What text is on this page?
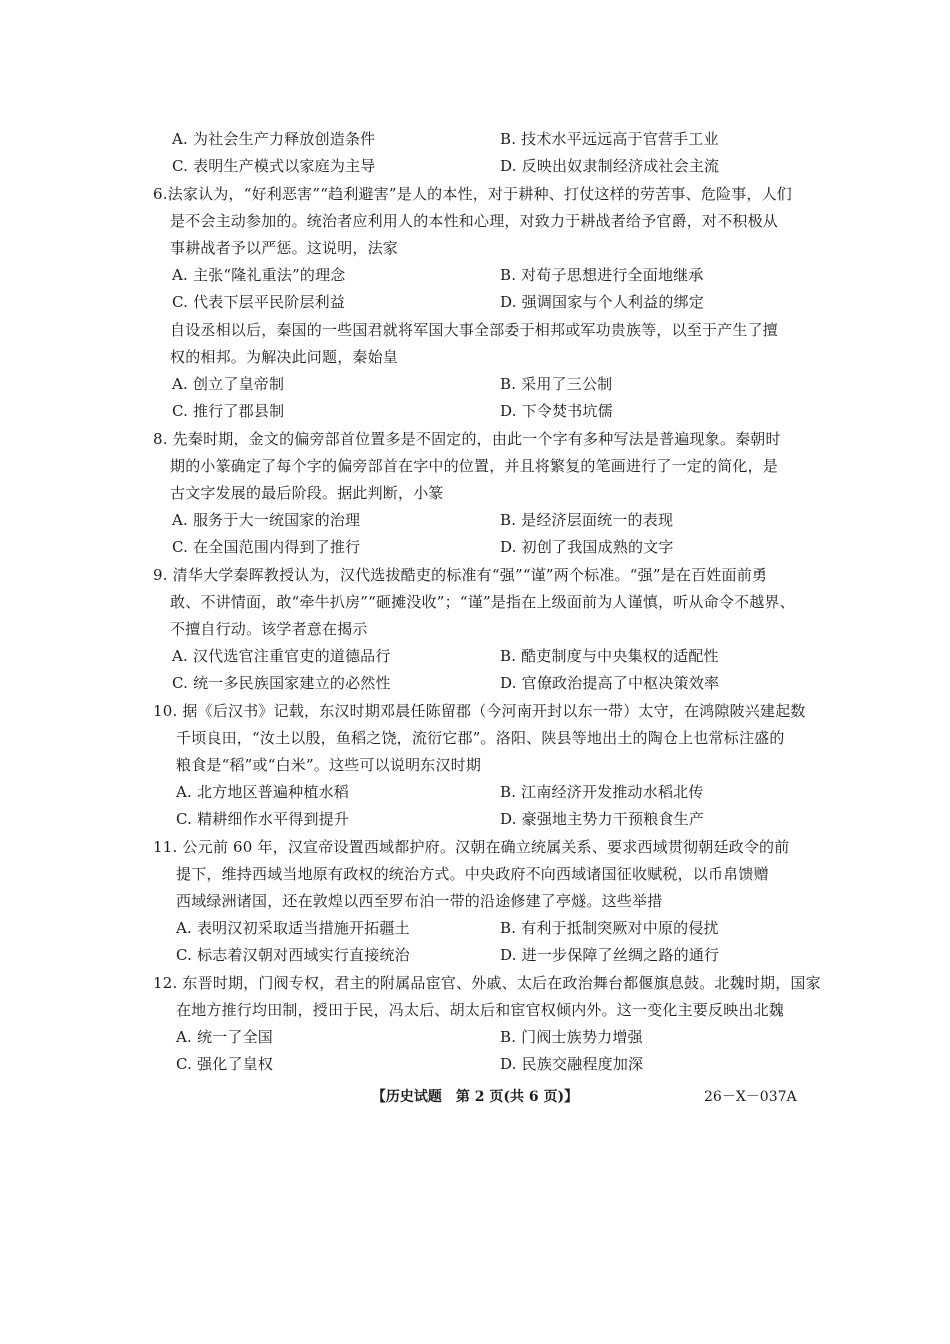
A. 为社会生产力释放创造条件	B. 技术水平远远高于官营手工业
C. 表明生产模式以家庭为主导	D. 反映出奴隶制经济成社会主流
6.法家认为，“好利恶害”“趋利避害”是人的本性，对于耕种、打仗这样的劳苦事、危险事，人们
是不会主动参加的。统治者应利用人的本性和心理，对致力于耕战者给予官爵，对不积极从
事耕战者予以严惩。这说明，法家
A. 主张“隆礼重法”的理念	B. 对荀子思想进行全面地继承
C. 代表下层平民阶层利益	D. 强调国家与个人利益的绑定
自设丞相以后，秦国的一些国君就将军国大事全部委于相邦或军功贵族等，以至于产生了擅
权的相邦。为解决此问题，秦始皇
A. 创立了皇帝制	B. 采用了三公制
C. 推行了郡县制	D. 下令焚书坑儒
8. 先秦时期，金文的偏旁部首位置多是不固定的，由此一个字有多种写法是普遍现象。秦朝时
期的小篆确定了每个字的偏旁部首在字中的位置，并且将繁复的笔画进行了一定的简化，是
古文字发展的最后阶段。据此判断，小篆
A. 服务于大一统国家的治理	B. 是经济层面统一的表现
C. 在全国范围内得到了推行	D. 初创了我国成熟的文字
9. 清华大学秦晖教授认为，汉代选拔酷吏的标准有“强”“谨”两个标准。“强”是在百姓面前勇
敢、不讲情面，敢“牵牛扒房”“砸摊没收”；“谨”是指在上级面前为人谨慎，听从命令不越界、
不擅自行动。该学者意在揭示
A. 汉代选官注重官吏的道德品行	B. 酷吏制度与中央集权的适配性
C. 统一多民族国家建立的必然性	D. 官僚政治提高了中枢决策效率
10. 据《后汉书》记载，东汉时期邓晨任陈留郡（今河南开封以东一带）太守，在鸿隙陂兴建起数
千顷良田，“汝土以殷，鱼稻之饶，流衍它郡”。洛阳、陕县等地出土的陶仓上也常标注盛的
粮食是“稻”或“白米”。这些可以说明东汉时期
A. 北方地区普遍种植水稻	B. 江南经济开发推动水稻北传
C. 精耕细作水平得到提升	D. 豪强地主势力干预粮食生产
11. 公元前 60 年，汉宣帝设置西域都护府。汉朝在确立统属关系、要求西域贯彻朝廷政令的前
提下，维持西域当地原有政权的统治方式。中央政府不向西域诸国征收赋税，以币帛馈赠
西域绿洲诸国，还在敦煌以西至罗布泊一带的沿途修建了亭燧。这些举措
A. 表明汉初采取适当措施开拓疆土	B. 有利于抵制突厥对中原的侵扰
C. 标志着汉朝对西域实行直接统治	D. 进一步保障了丝绸之路的通行
12. 东晋时期，门阀专权，君主的附属品宦官、外戚、太后在政治舞台都偃旗息鼓。北魏时期，国家
在地方推行均田制，授田于民，冯太后、胡太后和宦官权倾内外。这一变化主要反映出北魏
A. 统一了全国	B. 门阀士族势力增强
C. 强化了皇权	D. 民族交融程度加深
【历史试题　第 2 页(共 6 页)】	26－X－037A
